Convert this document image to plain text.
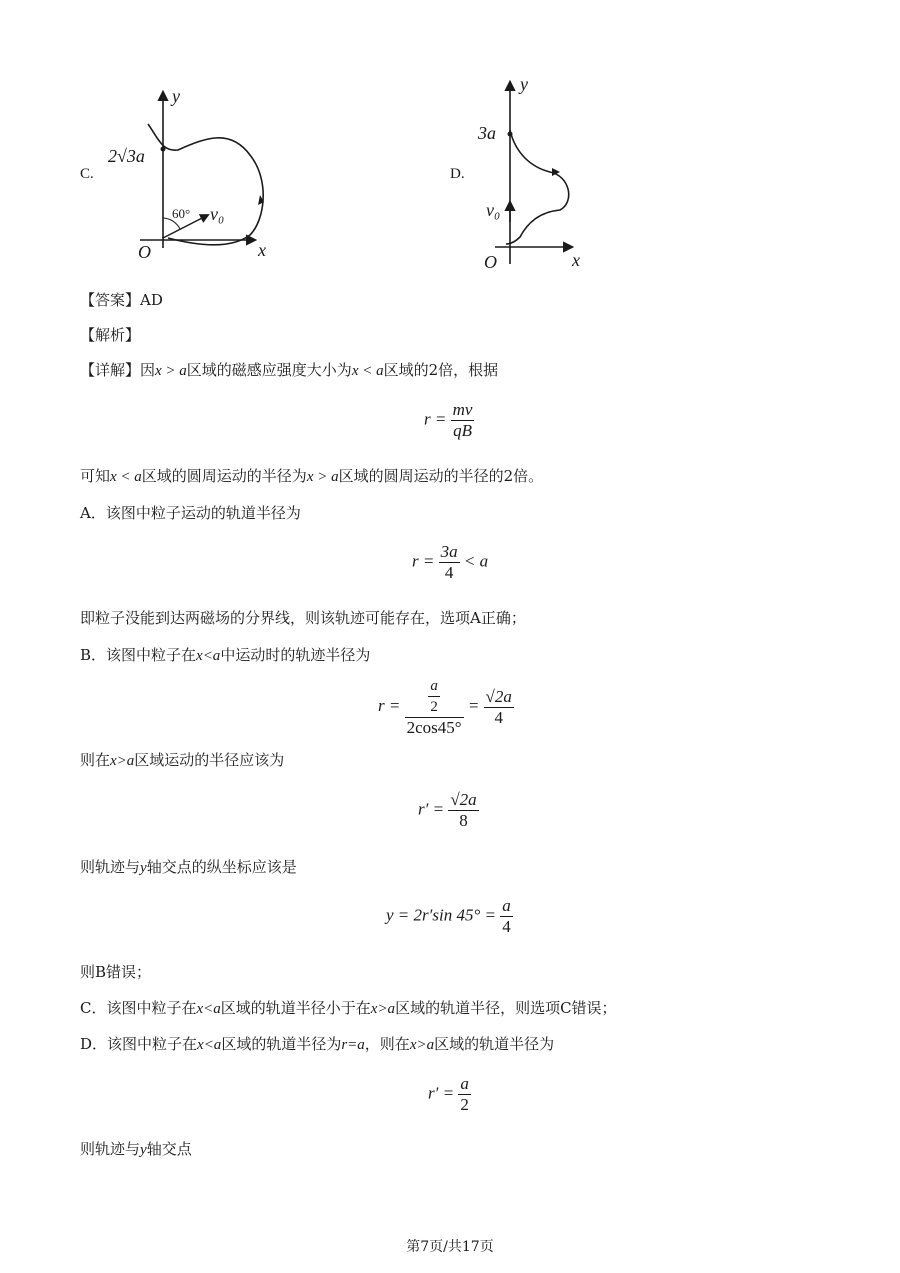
C.
y
x
O
2√3a
60° v₀
D.
y
x
O
3a
v₀
【答案】AD
【解析】
【详解】因x > a区域的磁感应强度大小为x < a区域的2倍，根据
$r = \frac{mv}{qB}$
可知x < a区域的圆周运动的半径为x > a区域的圆周运动的半径的2倍。
A．该图中粒子运动的轨道半径为
$r = \frac{3a}{4} < a$
即粒子没能到达两磁场的分界线，则该轨迹可能存在，选项A正确；
B．该图中粒子在x<a中运动时的轨迹半径为
$r = \frac{\frac{a}{2}}{2\cos 45^\circ} = \frac{√2a}{4}$
则在x>a区域运动的半径应该为
$r' = \frac{√2a}{8}$
则轨迹与y轴交点的纵坐标应该是
y = 2r′sin $45^\circ = \frac{a}{4}$
则B错误；
C．该图中粒子在x<a区域的轨道半径小于在x>a区域的轨道半径，则选项C错误；
D．该图中粒子在x<a区域的轨道半径为r=a，则在x>a区域的轨道半径为
$r' = \frac{a}{2}$
则轨迹与y轴交点
第7页/共17页
